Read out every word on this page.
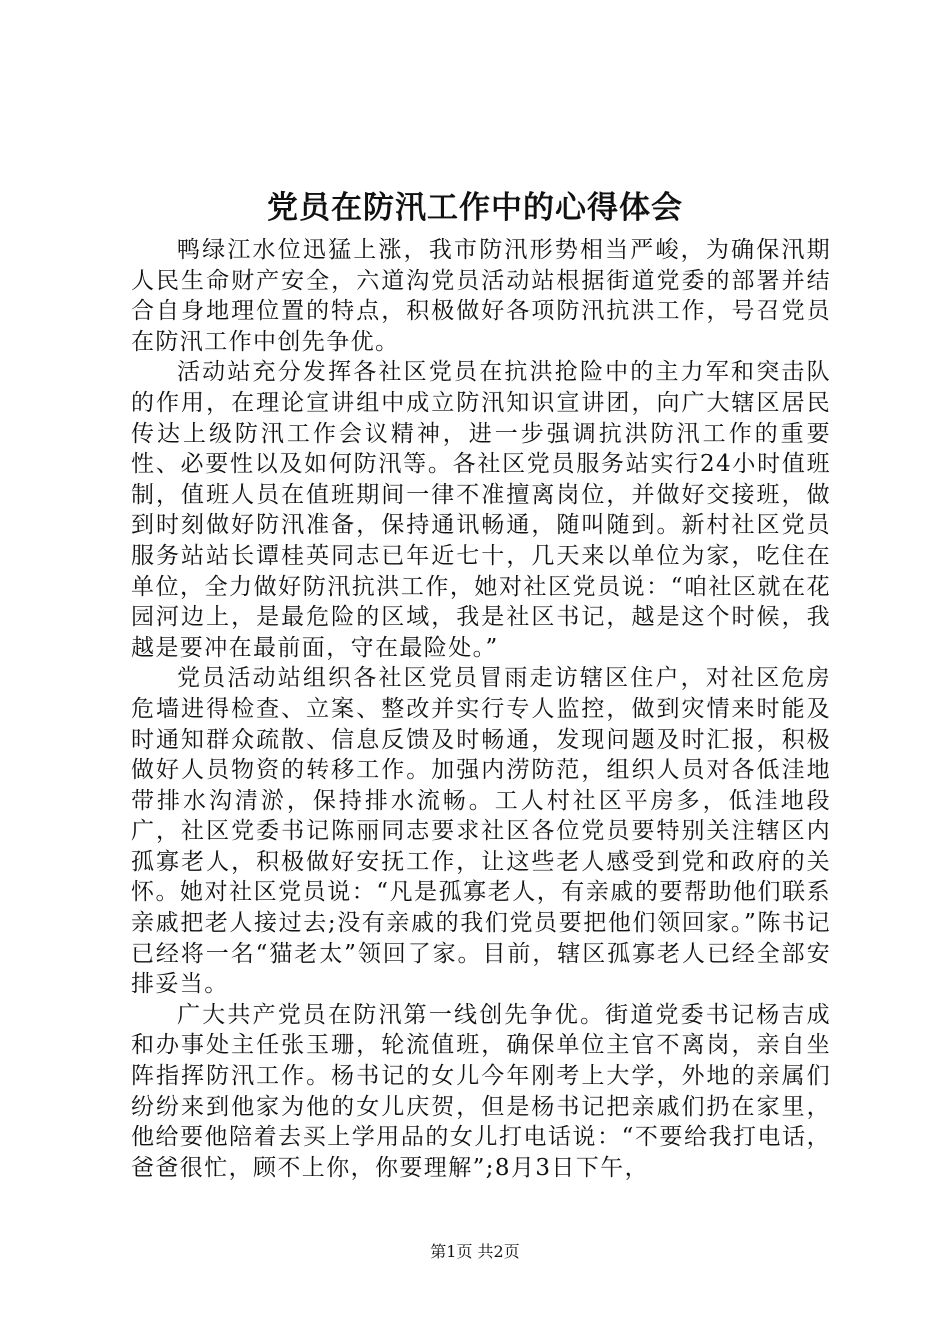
党员在防汛工作中的心得体会

鸭绿江水位迅猛上涨，我市防汛形势相当严峻，为确保汛期人民生命财产安全，六道沟党员活动站根据街道党委的部署并结合自身地理位置的特点，积极做好各项防汛抗洪工作，号召党员在防汛工作中创先争优。

活动站充分发挥各社区党员在抗洪抢险中的主力军和突击队的作用，在理论宣讲组中成立防汛知识宣讲团，向广大辖区居民传达上级防汛工作会议精神，进一步强调抗洪防汛工作的重要性、必要性以及如何防汛等。各社区党员服务站实行24小时值班制，值班人员在值班期间一律不准擅离岗位，并做好交接班，做到时刻做好防汛准备，保持通讯畅通，随叫随到。新村社区党员服务站站长谭桂英同志已年近七十，几天来以单位为家，吃住在单位，全力做好防汛抗洪工作，她对社区党员说：“咱社区就在花园河边上，是最危险的区域，我是社区书记，越是这个时候，我越是要冲在最前面，守在最险处。”

党员活动站组织各社区党员冒雨走访辖区住户，对社区危房危墙进得检查、立案、整改并实行专人监控，做到灾情来时能及时通知群众疏散、信息反馈及时畅通，发现问题及时汇报，积极做好人员物资的转移工作。加强内涝防范，组织人员对各低洼地带排水沟清淤，保持排水流畅。工人村社区平房多，低洼地段广，社区党委书记陈丽同志要求社区各位党员要特别关注辖区内孤寡老人，积极做好安抚工作，让这些老人感受到党和政府的关怀。她对社区党员说：“凡是孤寡老人，有亲戚的要帮助他们联系亲戚把老人接过去;没有亲戚的我们党员要把他们领回家。”陈书记已经将一名“猫老太”领回了家。目前，辖区孤寡老人已经全部安排妥当。

广大共产党员在防汛第一线创先争优。街道党委书记杨吉成和办事处主任张玉珊，轮流值班，确保单位主官不离岗，亲自坐阵指挥防汛工作。杨书记的女儿今年刚考上大学，外地的亲属们纷纷来到他家为他的女儿庆贺，但是杨书记把亲戚们扔在家里，他给要他陪着去买上学用品的女儿打电话说：“不要给我打电话，爸爸很忙，顾不上你，你要理解”;8月3日下午，

第1页 共2页
